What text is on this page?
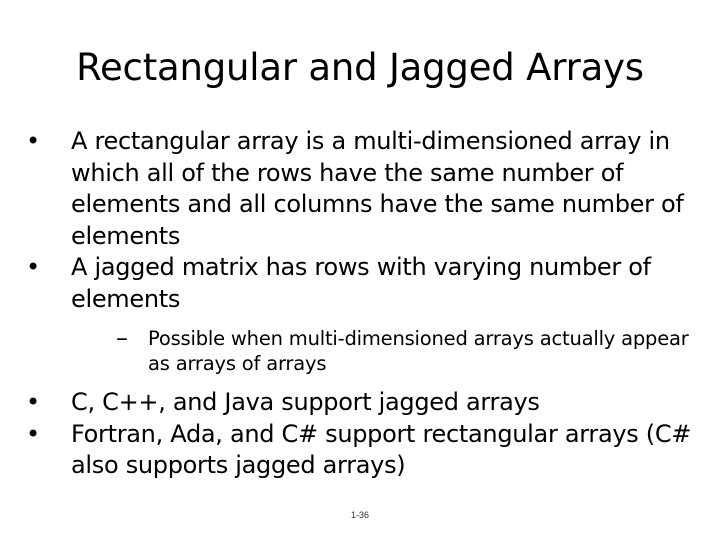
Rectangular and Jagged Arrays
•	A rectangular array is a multi-dimensioned array in which all of the rows have the same number of elements and all columns have the same number of elements
•	A jagged matrix has rows with varying number of elements
–	Possible when multi-dimensioned arrays actually appear as arrays of arrays
•	C, C++, and Java support jagged arrays
•	Fortran, Ada, and C# support rectangular arrays (C# also supports jagged arrays)
1-36
